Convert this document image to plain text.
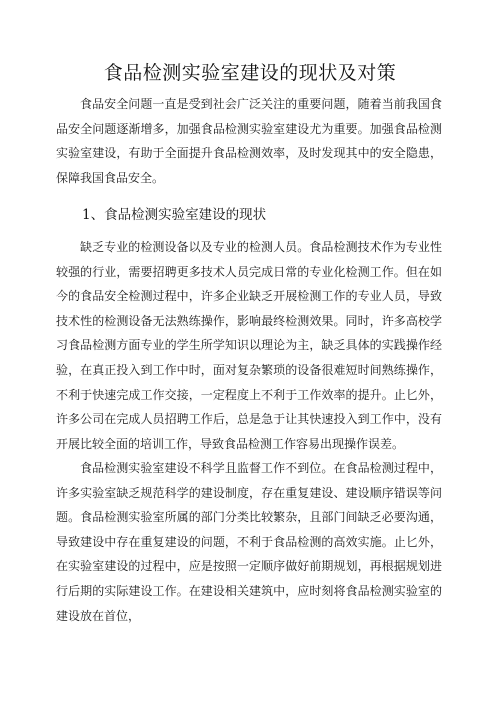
食品检测实验室建设的现状及对策

食品安全问题一直是受到社会广泛关注的重要问题，随着当前我国食品安全问题逐渐增多，加强食品检测实验室建设尤为重要。加强食品检测实验室建设，有助于全面提升食品检测效率，及时发现其中的安全隐患，保障我国食品安全。

1、食品检测实验室建设的现状

缺乏专业的检测设备以及专业的检测人员。食品检测技术作为专业性较强的行业，需要招聘更多技术人员完成日常的专业化检测工作。但在如今的食品安全检测过程中，许多企业缺乏开展检测工作的专业人员，导致技术性的检测设备无法熟练操作，影响最终检测效果。同时，许多高校学习食品检测方面专业的学生所学知识以理论为主，缺乏具体的实践操作经验，在真正投入到工作中时，面对复杂繁琐的设备很难短时间熟练操作，不利于快速完成工作交接，一定程度上不利于工作效率的提升。止匕外，许多公司在完成人员招聘工作后，总是急于让其快速投入到工作中，没有开展比较全面的培训工作，导致食品检测工作容易出现操作误差。

食品检测实验室建设不科学且监督工作不到位。在食品检测过程中，许多实验室缺乏规范科学的建设制度，存在重复建设、建设顺序错误等问题。食品检测实验室所属的部门分类比较繁杂，且部门间缺乏必要沟通，导致建设中存在重复建设的问题，不利于食品检测的高效实施。止匕外，在实验室建设的过程中，应是按照一定顺序做好前期规划，再根据规划进行后期的实际建设工作。在建设相关建筑中，应时刻将食品检测实验室的建设放在首位，
